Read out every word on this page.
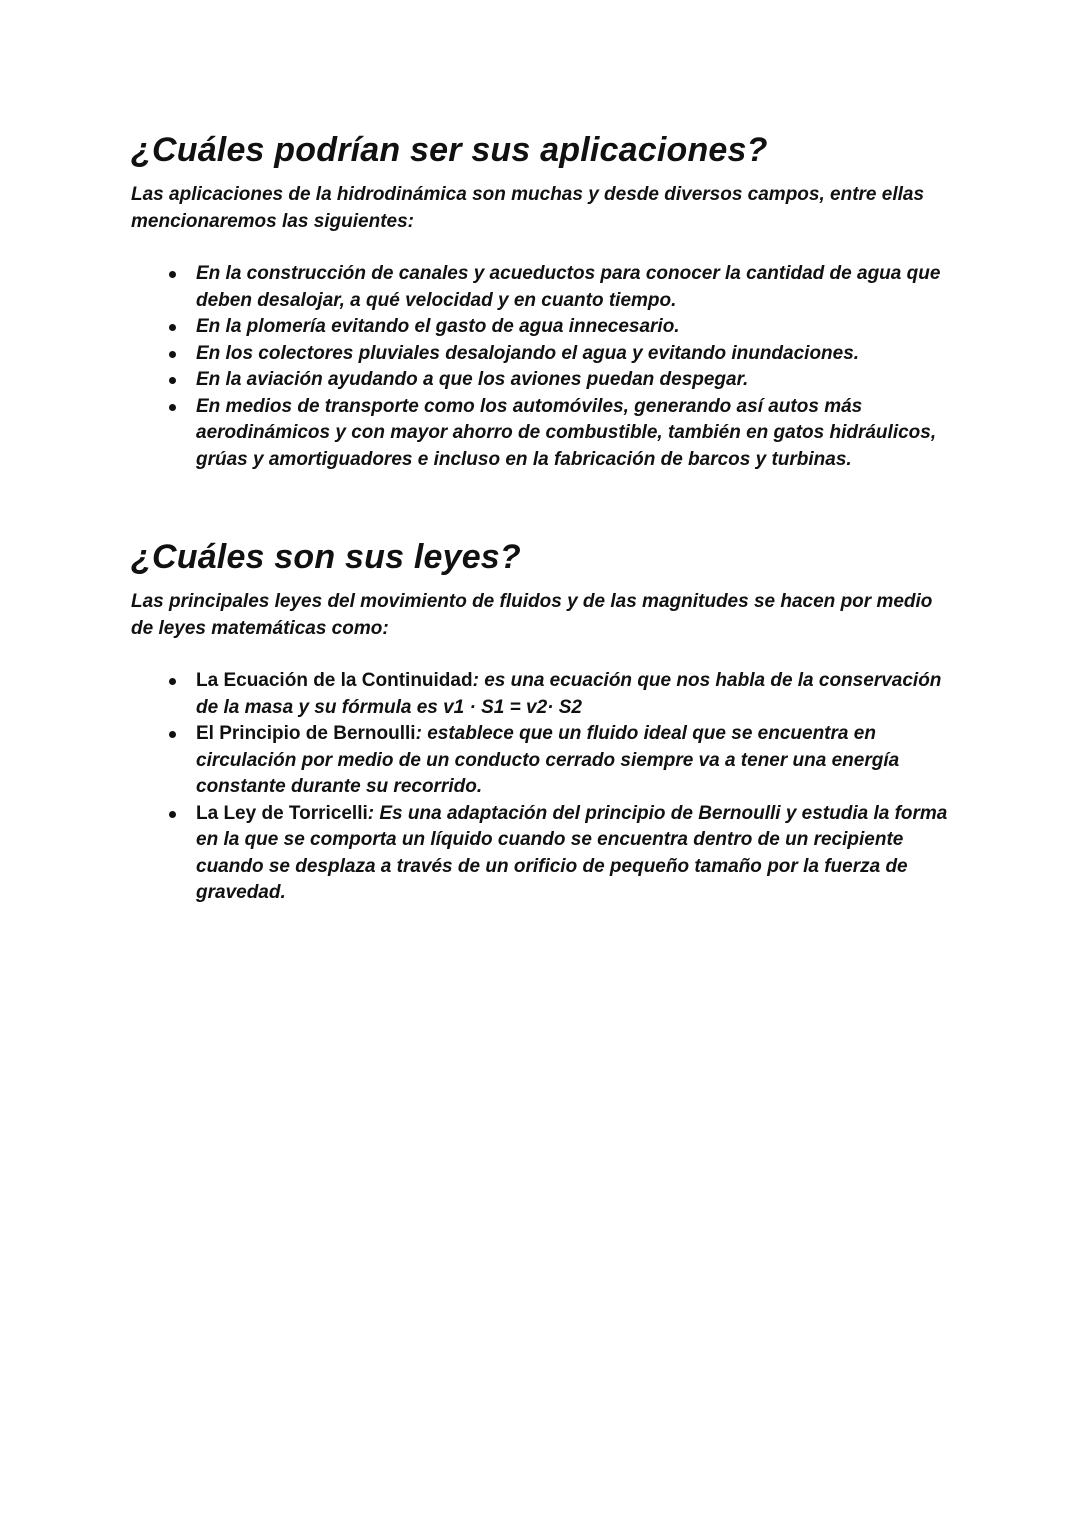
¿Cuáles podrían ser sus aplicaciones?

Las aplicaciones de la hidrodinámica son muchas y desde diversos campos, entre ellas mencionaremos las siguientes:

En la construcción de canales y acueductos para conocer la cantidad de agua que deben desalojar, a qué velocidad y en cuanto tiempo.
En la plomería evitando el gasto de agua innecesario.
En los colectores pluviales desalojando el agua y evitando inundaciones.
En la aviación ayudando a que los aviones puedan despegar.
En medios de transporte como los automóviles, generando así autos más aerodinámicos y con mayor ahorro de combustible, también en gatos hidráulicos, grúas y amortiguadores e incluso en la fabricación de barcos y turbinas.
¿Cuáles son sus leyes?

Las principales leyes del movimiento de fluidos y de las magnitudes se hacen por medio de leyes matemáticas como:

La Ecuación de la Continuidad: es una ecuación que nos habla de la conservación de la masa y su fórmula es v1 · S1 = v2· S2
El Principio de Bernoulli: establece que un fluido ideal que se encuentra en circulación por medio de un conducto cerrado siempre va a tener una energía constante durante su recorrido.
La Ley de Torricelli: Es una adaptación del principio de Bernoulli y estudia la forma en la que se comporta un líquido cuando se encuentra dentro de un recipiente cuando se desplaza a través de un orificio de pequeño tamaño por la fuerza de gravedad.
